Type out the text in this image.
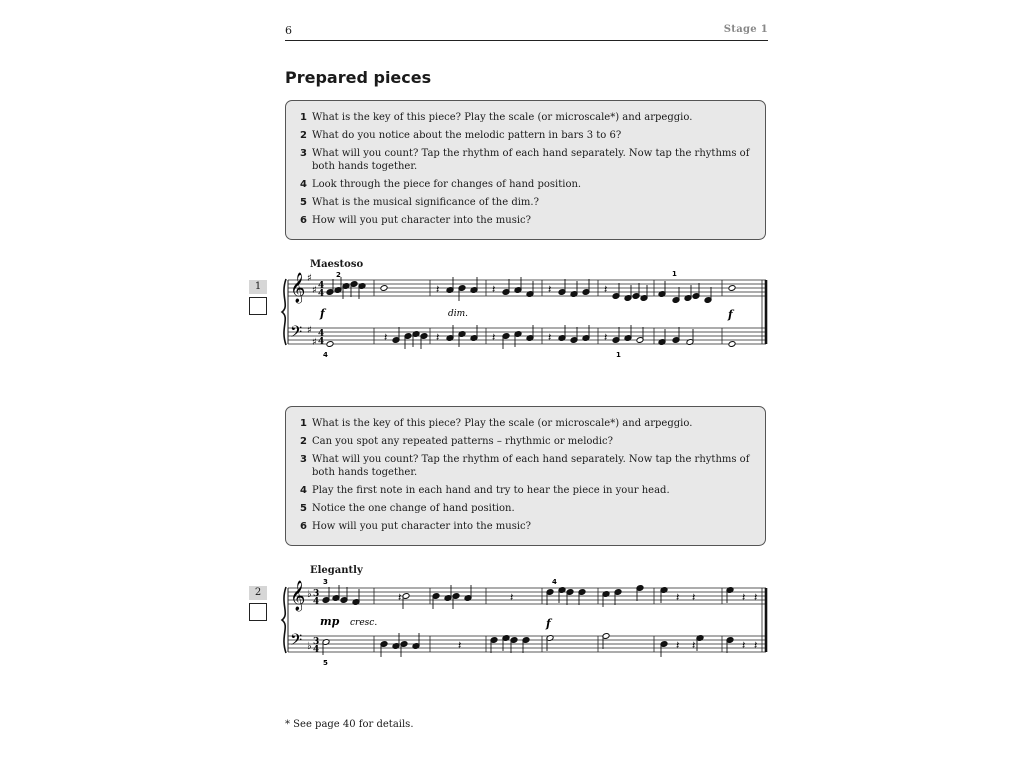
6	Stage 1
Prepared pieces
1 What is the key of this piece? Play the scale (or microscale*) and arpeggio.
2 What do you notice about the melodic pattern in bars 3 to 6?
3 What will you count? Tap the rhythm of each hand separately. Now tap the rhythms of both hands together.
4 Look through the piece for changes of hand position.
5 What is the musical significance of the dim.?
6 How will you put character into the music?
Maestoso
1 𝄞
𝄢
♯
♯
♯
♯
4
4
4
4
𝄽	𝄽	𝄽	𝄽
𝄽	𝄽	𝄽	𝄽	𝄽
f	dim.	f
2
4
1
1
1 What is the key of this piece? Play the scale (or microscale*) and arpeggio.
2 Can you spot any repeated patterns – rhythmic or melodic?
3 What will you count? Tap the rhythm of each hand separately. Now tap the rhythms of both hands together.
4 Play the first note in each hand and try to hear the piece in your head.
5 Notice the one change of hand position.
6 How will you put character into the music?
Elegantly
2 𝄞
𝄢
♭
♭
3
4
3
4
𝄽	𝄽	𝄽 𝄽	𝄽 𝄽
𝄽	𝄽 𝄽	𝄽 𝄽
mp cresc.	f
3	4
5
* See page 40 for details.
